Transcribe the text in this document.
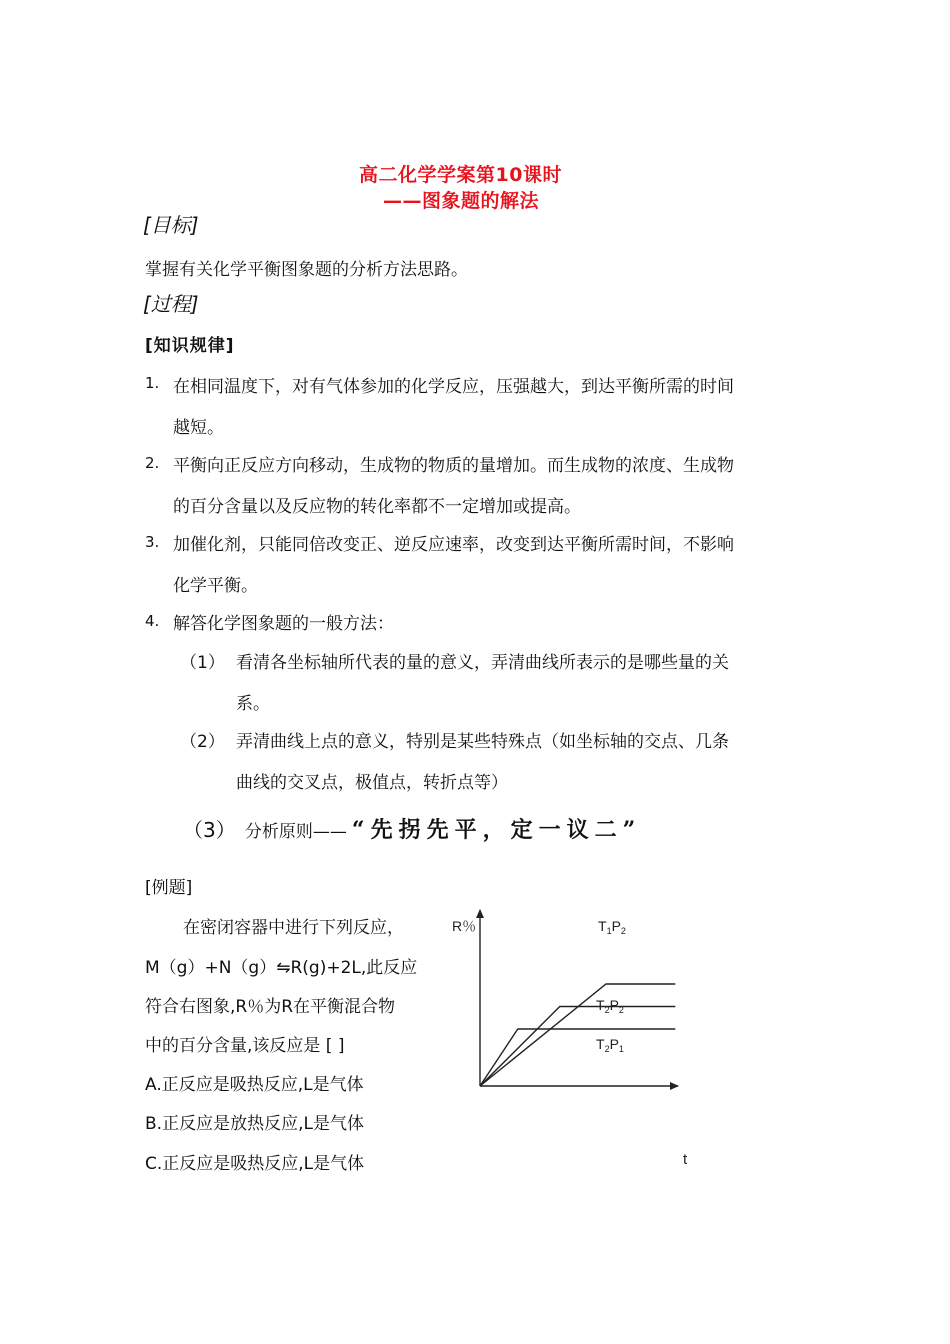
高二化学学案第10课时
——图象题的解法
[目标]
掌握有关化学平衡图象题的分析方法思路。
[过程]
[知识规律]
1. 在相同温度下，对有气体参加的化学反应，压强越大，到达平衡所需的时间
越短。
2. 平衡向正反应方向移动，生成物的物质的量增加。而生成物的浓度、生成物
的百分含量以及反应物的转化率都不一定增加或提高。
3. 加催化剂，只能同倍改变正、逆反应速率，改变到达平衡所需时间，不影响
化学平衡。
4. 解答化学图象题的一般方法：
（1） 看清各坐标轴所代表的量的意义，弄清曲线所表示的是哪些量的关
系。
（2） 弄清曲线上点的意义，特别是某些特殊点（如坐标轴的交点、几条
曲线的交叉点，极值点，转折点等）
（3） 分析原则—— “先拐先平，定一议二”
[例题]
在密闭容器中进行下列反应，
M（g）+N（g）⇋R(g)+2L,此反应
符合右图象,R％为R在平衡混合物
中的百分含量,该反应是 [ ]
A.正反应是吸热反应,L是气体
B.正反应是放热反应,L是气体
C.正反应是吸热反应,L是气体
R％
t
$T_1P_2$
$T_2P_2$
$T_2P_1$
